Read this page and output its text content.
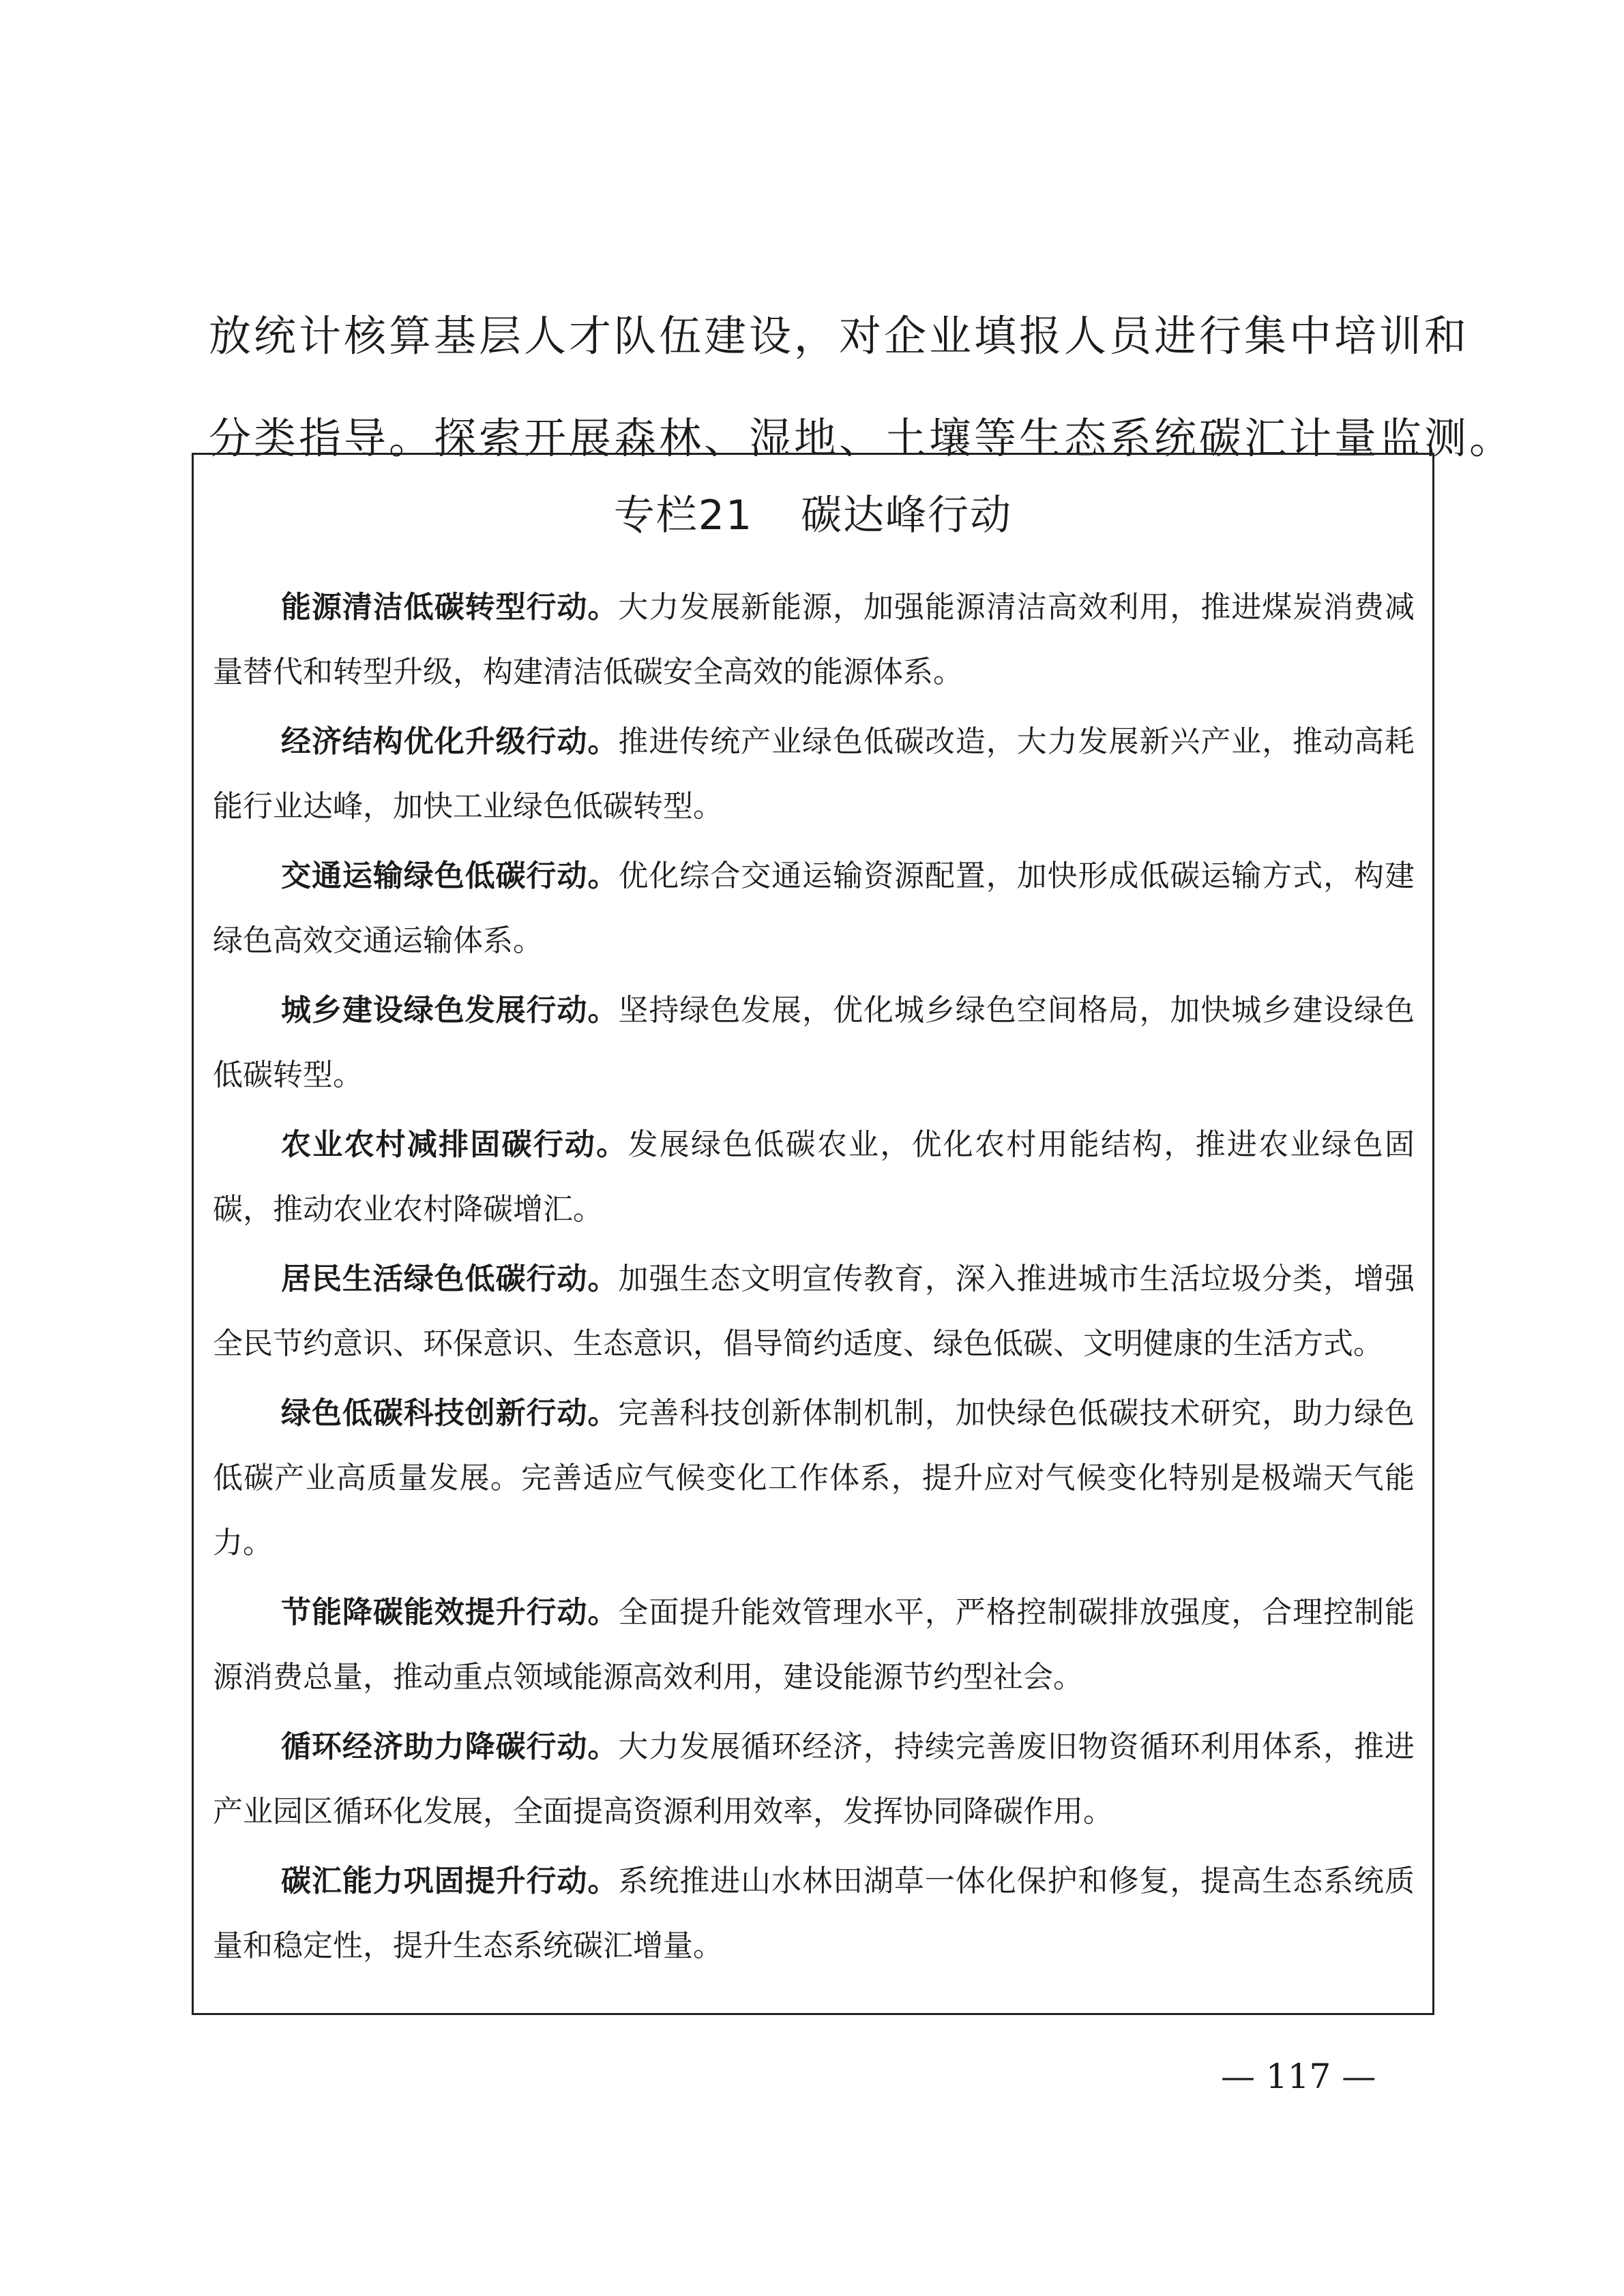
放统计核算基层人才队伍建设，对企业填报人员进行集中培训和

分类指导。探索开展森林、湿地、土壤等生态系统碳汇计量监测。

专栏21 碳达峰行动

能源清洁低碳转型行动。大力发展新能源，加强能源清洁高效利用，推进煤炭消费减量替代和转型升级，构建清洁低碳安全高效的能源体系。

经济结构优化升级行动。推进传统产业绿色低碳改造，大力发展新兴产业，推动高耗能行业达峰，加快工业绿色低碳转型。

交通运输绿色低碳行动。优化综合交通运输资源配置，加快形成低碳运输方式，构建绿色高效交通运输体系。

城乡建设绿色发展行动。坚持绿色发展，优化城乡绿色空间格局，加快城乡建设绿色低碳转型。

农业农村减排固碳行动。发展绿色低碳农业，优化农村用能结构，推进农业绿色固碳，推动农业农村降碳增汇。

居民生活绿色低碳行动。加强生态文明宣传教育，深入推进城市生活垃圾分类，增强全民节约意识、环保意识、生态意识，倡导简约适度、绿色低碳、文明健康的生活方式。

绿色低碳科技创新行动。完善科技创新体制机制，加快绿色低碳技术研究，助力绿色低碳产业高质量发展。完善适应气候变化工作体系，提升应对气候变化特别是极端天气能力。

节能降碳能效提升行动。全面提升能效管理水平，严格控制碳排放强度，合理控制能源消费总量，推动重点领域能源高效利用，建设能源节约型社会。

循环经济助力降碳行动。大力发展循环经济，持续完善废旧物资循环利用体系，推进产业园区循环化发展，全面提高资源利用效率，发挥协同降碳作用。

碳汇能力巩固提升行动。系统推进山水林田湖草一体化保护和修复，提高生态系统质量和稳定性，提升生态系统碳汇增量。

— 117 —
